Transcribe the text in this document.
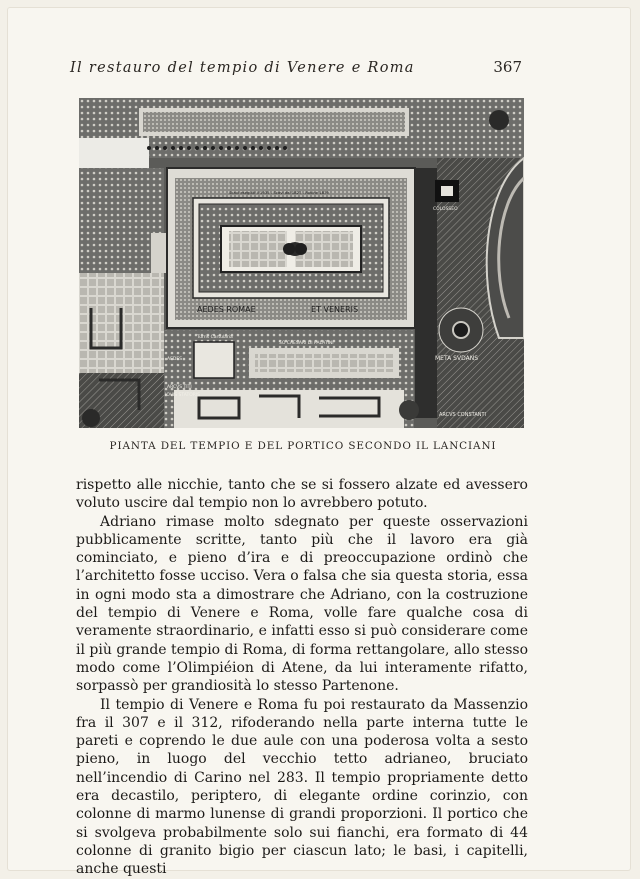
Il restauro del tempio di Venere e Roma	367
AEDES ROMAE	ET VENERIS
Scavi eseguiti il 1935 - Scavi dal 1827 - Rovine 1879
COLOSSEO
META SVDANS
ARCVS CONSTANTI
SO CAESARI DI PALATINI
Turris Cartularia
AEDES
ARCVS TITI
IOVIS STATORIS
PIANTA DEL TEMPIO E DEL PORTICO SECONDO IL LANCIANI

rispetto alle nicchie, tanto che se si fossero alzate ed avessero voluto uscire dal tempio non lo avrebbero potuto.

Adriano rimase molto sdegnato per queste osservazioni pubblicamente scritte, tanto più che il lavoro era già cominciato, e pieno d’ira e di preoccupazione ordinò che l’architetto fosse ucciso. Vera o falsa che sia questa storia, essa in ogni modo sta a dimostrare che Adriano, con la costruzione del tempio di Venere e Roma, volle fare qualche cosa di veramente straordinario, e infatti esso si può considerare come il più grande tempio di Roma, di forma rettangolare, allo stesso modo come l’Olimpiéion di Atene, da lui interamente rifatto, sorpassò per grandiosità lo stesso Partenone.

Il tempio di Venere e Roma fu poi restaurato da Massenzio fra il 307 e il 312, rifoderando nella parte interna tutte le pareti e coprendo le due aule con una poderosa volta a sesto pieno, in luogo del vecchio tetto adrianeo, bruciato nell’incendio di Carino nel 283. Il tempio propriamente detto era decastilo, periptero, di elegante ordine corinzio, con colonne di marmo lunense di grandi proporzioni. Il portico che si svolgeva probabilmente solo sui fianchi, era formato di 44 colonne di granito bigio per ciascun lato; le basi, i capitelli, anche questi
